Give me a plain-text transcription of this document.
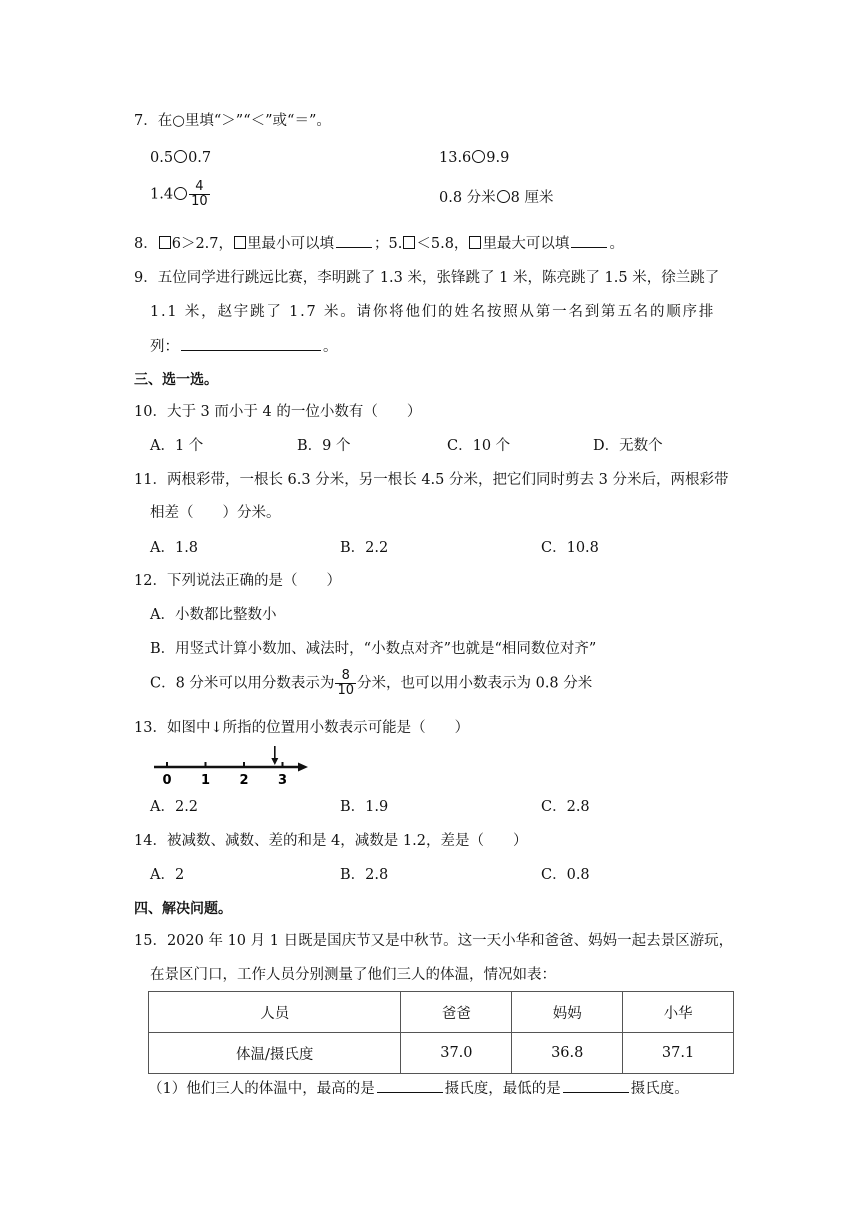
7．在○里填“＞”“＜”或“＝”。
0.5 0.7	13.6 9.9
$1.4 \frac{4}{10}$	0.8 分米 8 厘米
8． 6＞2.7， 里最小可以填	；5. ＜5.8， 里最大可以填	。
9．五位同学进行跳远比赛，李明跳了 1.3 米，张锋跳了 1 米，陈亮跳了 1.5 米，徐兰跳了
1.1 米，赵宇跳了 1.7 米。请你将他们的姓名按照从第一名到第五名的顺序排
列：	。
三、选一选。
10．大于 3 而小于 4 的一位小数有（　　）
A．1 个	B．9 个	C．10 个	D．无数个
11．两根彩带，一根长 6.3 分米，另一根长 4.5 分米，把它们同时剪去 3 分米后，两根彩带
相差（　　）分米。
A．1.8	B．2.2	C．10.8
12．下列说法正确的是（　　）
A．小数都比整数小
B．用竖式计算小数加、减法时，“小数点对齐”也就是“相同数位对齐”
C．8 分米可以用分数表示为 $\frac{8}{10}$ 分米，也可以用小数表示为 0.8 分米
13．如图中↓所指的位置用小数表示可能是（　　）
0 1 2 3
A．2.2	B．1.9	C．2.8
14．被减数、减数、差的和是 4，减数是 1.2，差是（　　）
A．2	B．2.8	C．0.8
四、解决问题。
15．2020 年 10 月 1 日既是国庆节又是中秋节。这一天小华和爸爸、妈妈一起去景区游玩，
在景区门口，工作人员分别测量了他们三人的体温，情况如表：
人员	爸爸	妈妈	小华
体温/摄氏度	37.0	36.8	37.1
（1）他们三人的体温中，最高的是	摄氏度，最低的是	摄氏度。
